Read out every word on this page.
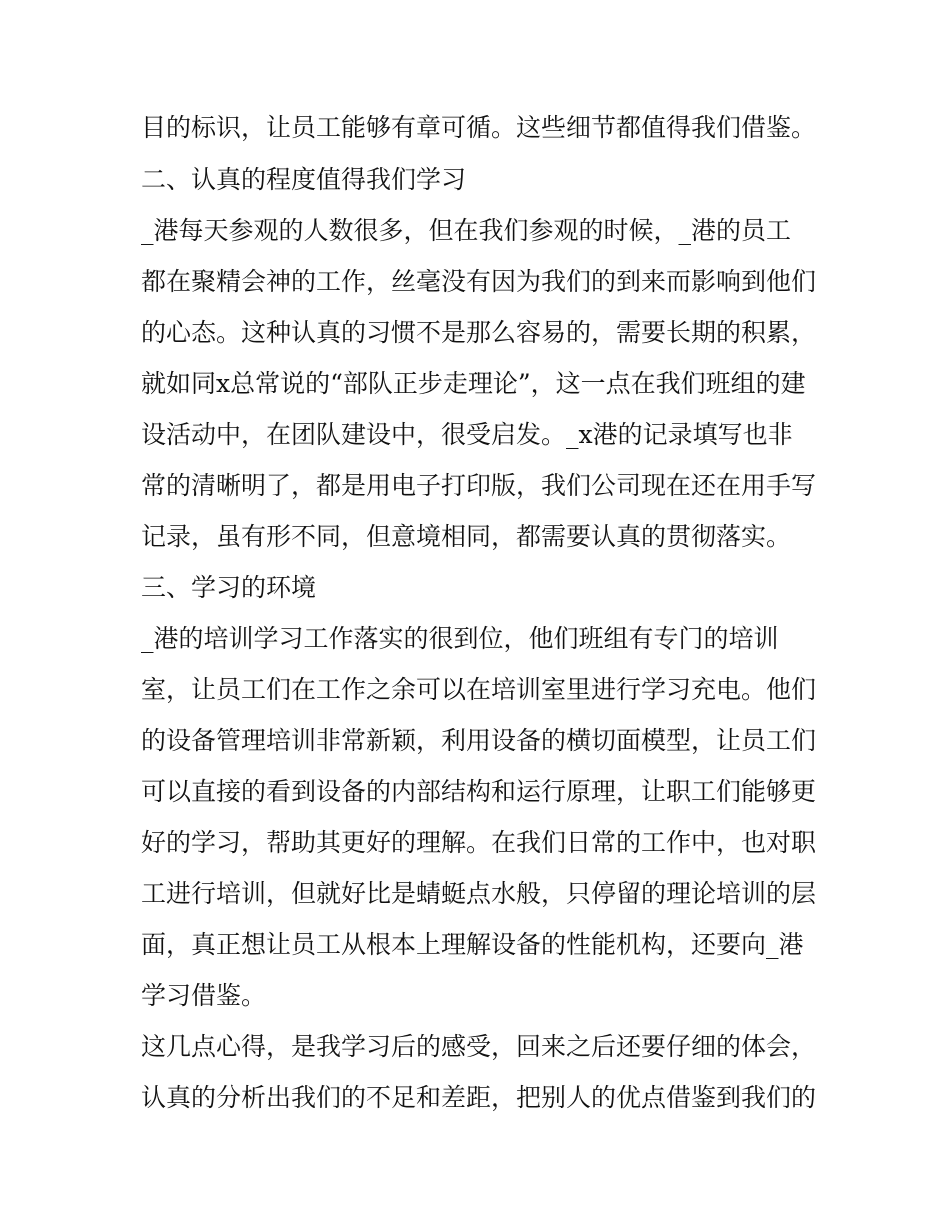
目的标识，让员工能够有章可循。这些细节都值得我们借鉴。
二、认真的程度值得我们学习
_港每天参观的人数很多，但在我们参观的时候，_港的员工
都在聚精会神的工作，丝毫没有因为我们的到来而影响到他们
的心态。这种认真的习惯不是那么容易的，需要长期的积累，
就如同x总常说的“部队正步走理论”，这一点在我们班组的建
设活动中，在团队建设中，很受启发。_x港的记录填写也非
常的清晰明了，都是用电子打印版，我们公司现在还在用手写
记录，虽有形不同，但意境相同，都需要认真的贯彻落实。
三、学习的环境
_港的培训学习工作落实的很到位，他们班组有专门的培训
室，让员工们在工作之余可以在培训室里进行学习充电。他们
的设备管理培训非常新颖，利用设备的横切面模型，让员工们
可以直接的看到设备的内部结构和运行原理，让职工们能够更
好的学习，帮助其更好的理解。在我们日常的工作中，也对职
工进行培训，但就好比是蜻蜓点水般，只停留的理论培训的层
面，真正想让员工从根本上理解设备的性能机构，还要向_港
学习借鉴。
这几点心得，是我学习后的感受，回来之后还要仔细的体会，
认真的分析出我们的不足和差距，把别人的优点借鉴到我们的
